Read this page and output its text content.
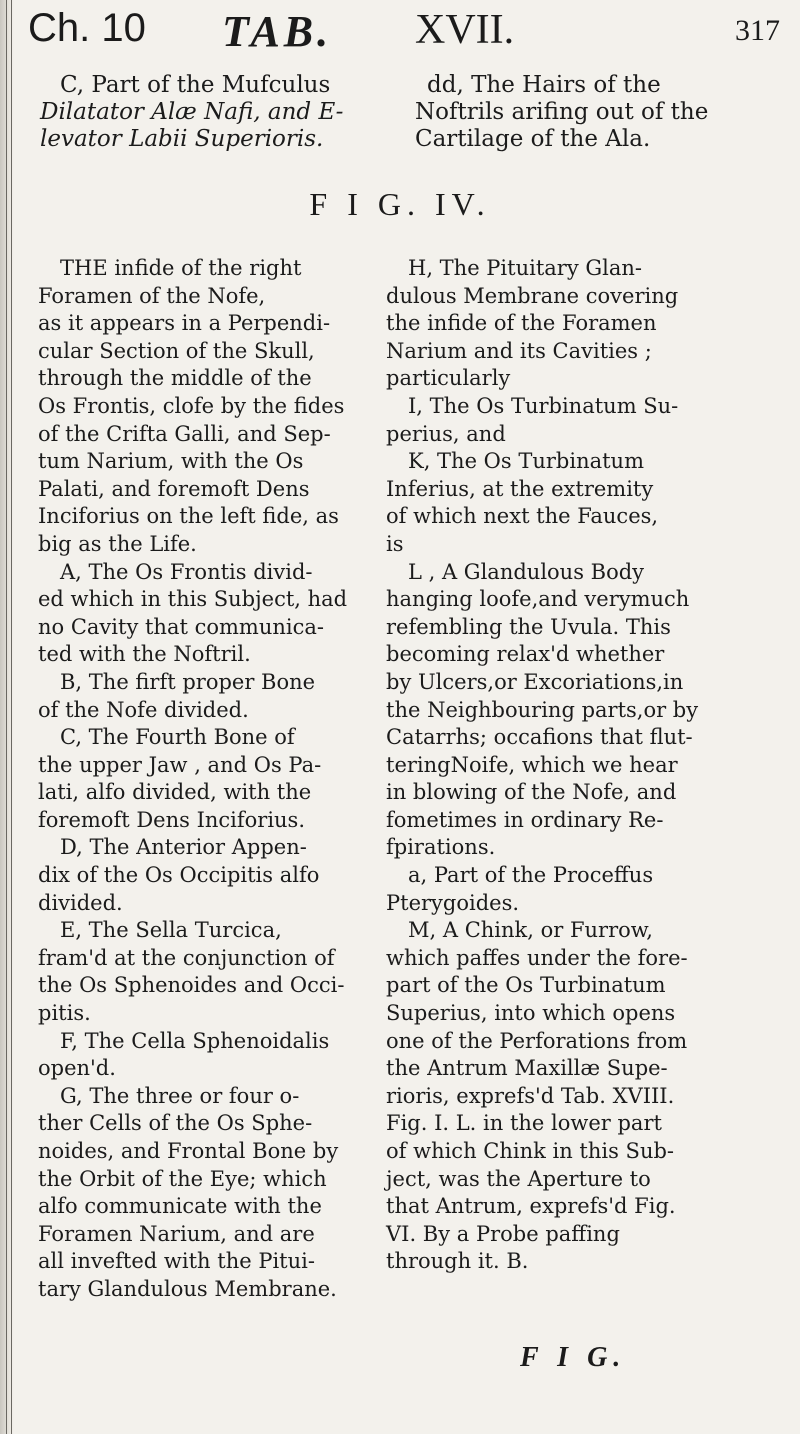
Ch. 10 TAB. XVII.	317
C, Part of the Mufculus
Dilatator Alæ Nafi, and E-
levator Labii Superioris.
dd, The Hairs of the
Noftrils arifing out of the
Cartilage of the Ala.
F I G. IV.

THE infide of the right

Foramen of the Nofe,

as it appears in a Perpendi-

cular Section of the Skull,

through the middle of the

Os Frontis, clofe by the fides

of the Crifta Galli, and Sep-

tum Narium, with the Os

Palati, and foremoft Dens

Inciforius on the left fide, as

big as the Life.

A, The Os Frontis divid-

ed which in this Subject, had

no Cavity that communica-

ted with the Noftril.

B, The firft proper Bone

of the Nofe divided.

C, The Fourth Bone of

the upper Jaw , and Os Pa-

lati, alfo divided, with the

foremoft Dens Inciforius.

D, The Anterior Appen-

dix of the Os Occipitis alfo

divided.

E, The Sella Turcica,

fram'd at the conjunction of

the Os Sphenoides and Occi-

pitis.

F, The Cella Sphenoidalis

open'd.

G, The three or four o-

ther Cells of the Os Sphe-

noides, and Frontal Bone by

the Orbit of the Eye; which

alfo communicate with the

Foramen Narium, and are

all invefted with the Pitui-

tary Glandulous Membrane.

H, The Pituitary Glan-

dulous Membrane covering

the infide of the Foramen

Narium and its Cavities ;

particularly

I, The Os Turbinatum Su-

perius, and

K, The Os Turbinatum

Inferius, at the extremity

of which next the Fauces,

is

L , A Glandulous Body

hanging loofe,and verymuch

refembling the Uvula. This

becoming relax'd whether

by Ulcers,or Excoriations,in

the Neighbouring parts,or by

Catarrhs; occafions that flut-

teringNoife, which we hear

in blowing of the Nofe, and

fometimes in ordinary Re-

fpirations.

a, Part of the Proceffus

Pterygoides.

M, A Chink, or Furrow,

which paffes under the fore-

part of the Os Turbinatum

Superius, into which opens

one of the Perforations from

the Antrum Maxillæ Supe-

rioris, exprefs'd Tab. XVIII.

Fig. I. L. in the lower part

of which Chink in this Sub-

ject, was the Aperture to

that Antrum, exprefs'd Fig.

VI. By a Probe paffing

through it. B.

F I G.
